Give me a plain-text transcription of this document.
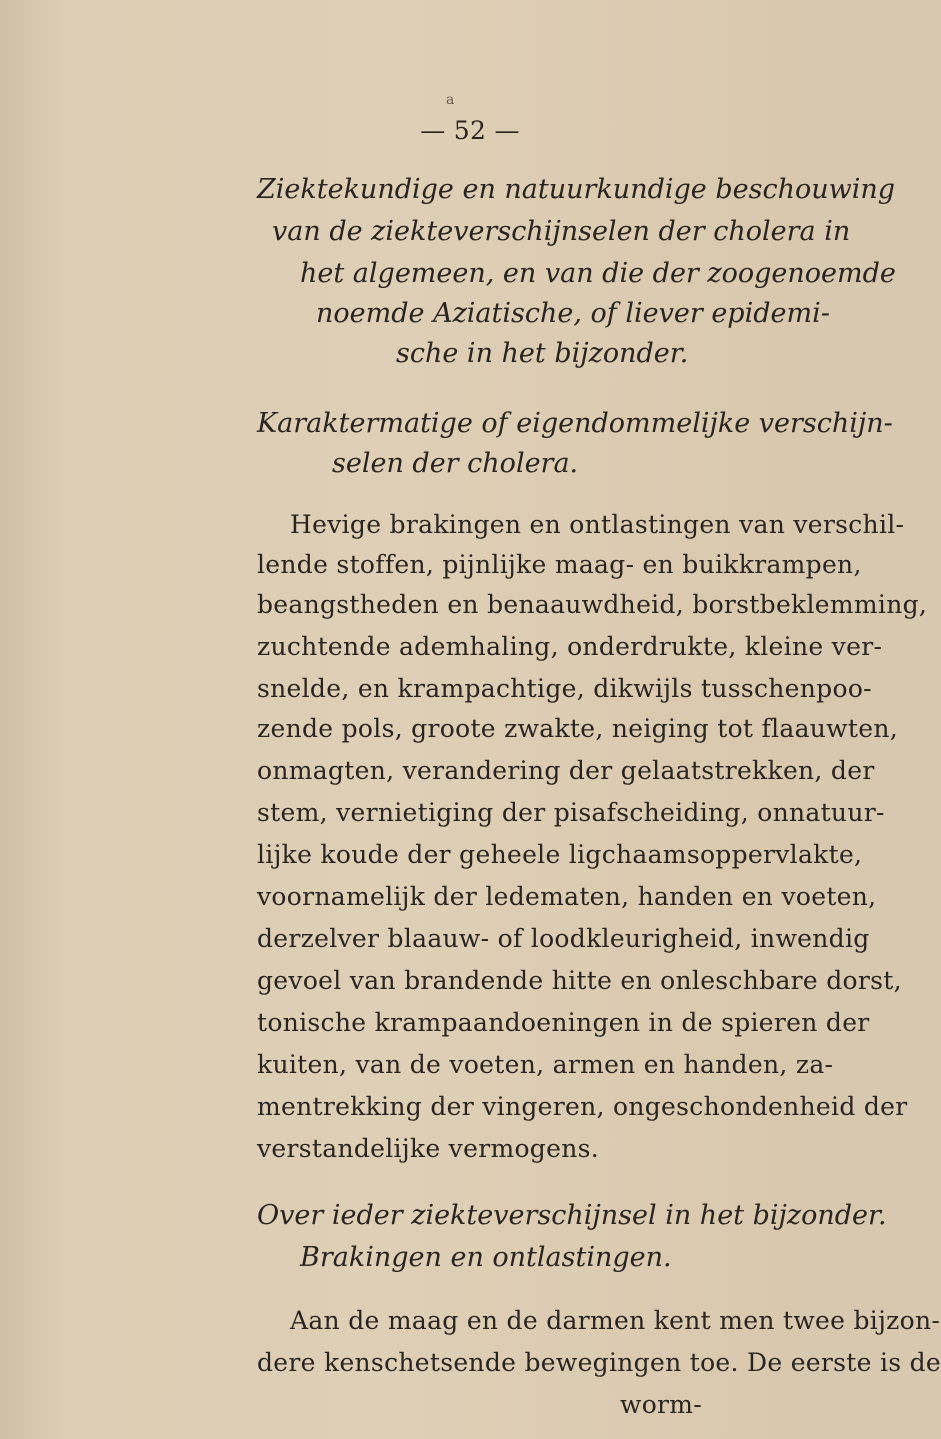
a
— 52 —
Ziektekundige en natuurkundige beschouwing
van de ziekteverschijnselen der cholera in
het algemeen, en van die der zoogenoemde
noemde Aziatische, of liever epidemi-
sche in het bijzonder.
Karaktermatige of eigendommelijke verschijn-
selen der cholera.
Hevige brakingen en ontlastingen van verschil-
lende stoffen, pijnlijke maag- en buikkrampen,
beangstheden en benaauwdheid, borstbeklemming,
zuchtende ademhaling, onderdrukte, kleine ver-
snelde, en krampachtige, dikwijls tusschenpoo-
zende pols, groote zwakte, neiging tot flaauwten,
onmagten, verandering der gelaatstrekken, der
stem, vernietiging der pisafscheiding, onnatuur-
lijke koude der geheele ligchaamsoppervlakte,
voornamelijk der ledematen, handen en voeten,
derzelver blaauw- of loodkleurigheid, inwendig
gevoel van brandende hitte en onleschbare dorst,
tonische krampaandoeningen in de spieren der
kuiten, van de voeten, armen en handen, za-
mentrekking der vingeren, ongeschondenheid der
verstandelijke vermogens.
Over ieder ziekteverschijnsel in het bijzonder.
Brakingen en ontlastingen.
Aan de maag en de darmen kent men twee bijzon-
dere kenschetsende bewegingen toe. De eerste is de
worm-
